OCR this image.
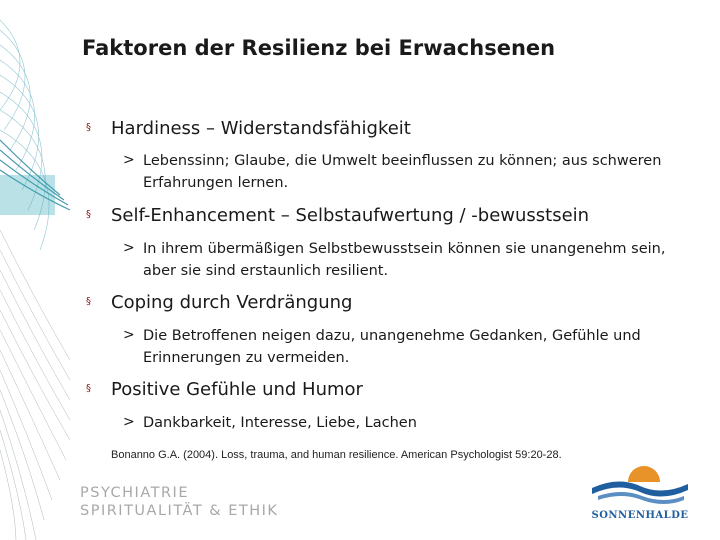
Faktoren der Resilienz bei Erwachsenen
§ Hardiness – Widerstandsfähigkeit
> Lebenssinn; Glaube, die Umwelt beeinflussen zu können; aus schweren Erfahrungen lernen.
§ Self-Enhancement – Selbstaufwertung / -bewusstsein
> In ihrem übermäßigen Selbstbewusstsein können sie unangenehm sein, aber sie sind erstaunlich resilient.
§ Coping durch Verdrängung
> Die Betroffenen neigen dazu, unangenehme Gedanken, Gefühle und Erinnerungen zu vermeiden.
§ Positive Gefühle und Humor
> Dankbarkeit, Interesse, Liebe, Lachen
Bonanno G.A. (2004). Loss, trauma, and human resilience. American Psychologist 59:20-28.
PSYCHIATRIE
SPIRITUALITÄT & ETHIK	SONNENHALDE
